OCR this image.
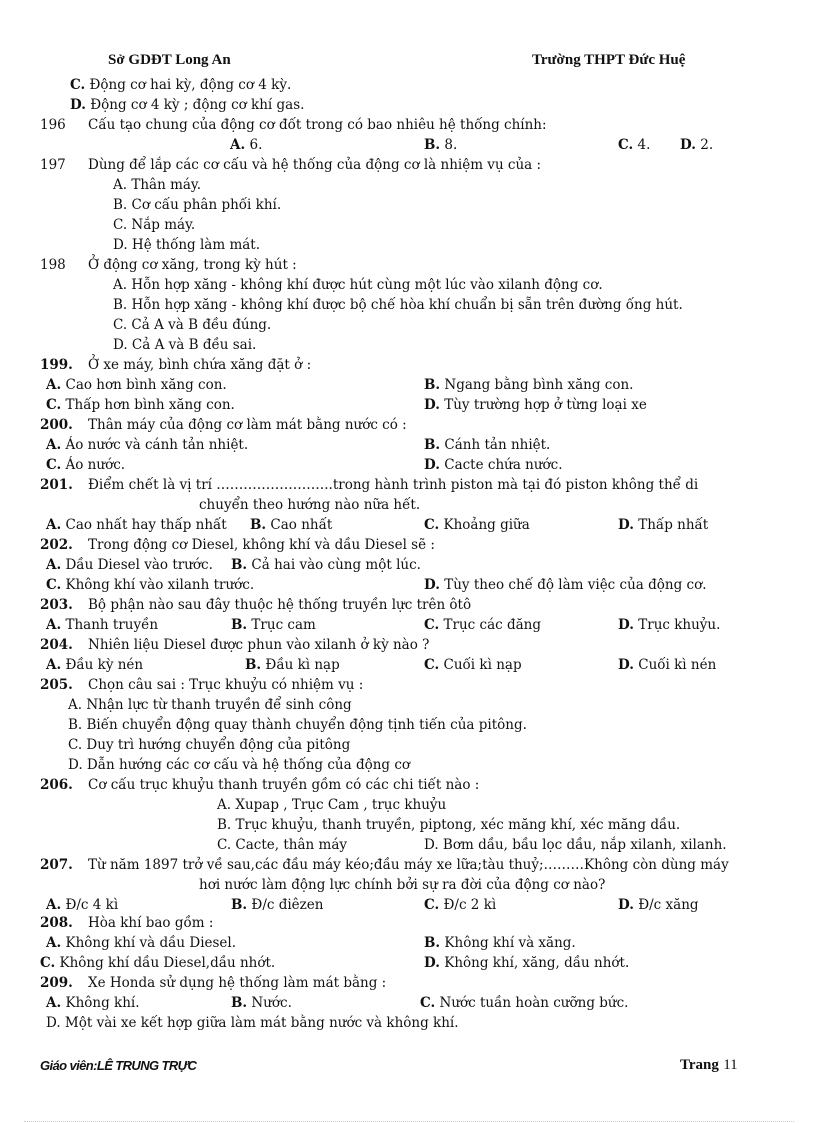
Sở GDĐT Long An	Trường THPT Đức Huệ
C. Động cơ hai kỳ, động cơ 4 kỳ.
D. Động cơ 4 kỳ ; động cơ khí gas.
196 Cấu tạo chung của động cơ đốt trong có bao nhiêu hệ thống chính:
A. 6.	B. 8.	C. 4. D. 2.
197 Dùng để lắp các cơ cấu và hệ thống của động cơ là nhiệm vụ của :
A. Thân máy.
B. Cơ cấu phân phối khí.
C. Nắp máy.
D. Hệ thống làm mát.
198 Ở động cơ xăng, trong kỳ hút :
A. Hỗn hợp xăng - không khí được hút cùng một lúc vào xilanh động cơ.
B. Hỗn hợp xăng - không khí được bộ chế hòa khí chuẩn bị sẵn trên đường ống hút.
C. Cả A và B đều đúng.
D. Cả A và B đều sai.
199. Ở xe máy, bình chứa xăng đặt ở :
A. Cao hơn bình xăng con.	B. Ngang bằng bình xăng con.
C. Thấp hơn bình xăng con.	D. Tùy trường hợp ở từng loại xe
200. Thân máy của động cơ làm mát bằng nước có :
A. Áo nước và cánh tản nhiệt.	B. Cánh tản nhiệt.
C. Áo nước.	D. Cacte chứa nước.
201. Điểm chết là vị trí ……………………..trong hành trình piston mà tại đó piston không thể di
chuyển theo hướng nào nữa hết.
A. Cao nhất hay thấp nhất B. Cao nhất	C. Khoảng giữa	D. Thấp nhất
202. Trong động cơ Diesel, không khí và dầu Diesel sẽ :
A. Dầu Diesel vào trước. B. Cả hai vào cùng một lúc.
C. Không khí vào xilanh trước.	D. Tùy theo chế độ làm việc của động cơ.
203. Bộ phận nào sau đây thuộc hệ thống truyền lực trên ôtô
A. Thanh truyền	B. Trục cam	C. Trục các đăng	D. Trục khuỷu.
204. Nhiên liệu Diesel được phun vào xilanh ở kỳ nào ?
A. Đầu kỳ nén	B. Đầu kì nạp	C. Cuối kì nạp	D. Cuối kì nén
205. Chọn câu sai : Trục khuỷu có nhiệm vụ :
A. Nhận lực từ thanh truyền để sinh công
B. Biến chuyển động quay thành chuyển động tịnh tiến của pitông.
C. Duy trì hướng chuyển động của pitông
D. Dẫn hướng các cơ cấu và hệ thống của động cơ
206. Cơ cấu trục khuỷu thanh truyền gồm có các chi tiết nào :
A. Xupap , Trục Cam , trục khuỷu
B. Trục khuỷu, thanh truyền, piptong, xéc măng khí, xéc măng dầu.
C. Cacte, thân máy	D. Bơm dầu, bầu lọc dầu, nắp xilanh, xilanh.
207. Từ năm 1897 trở về sau,các đầu máy kéo;đầu máy xe lữa;tàu thuỷ;………Không còn dùng máy
hơi nước làm động lực chính bởi sự ra đời của động cơ nào?
A. Đ/c 4 kì	B. Đ/c điêzen	C. Đ/c 2 kì	D. Đ/c xăng
208. Hòa khí bao gồm :
A. Không khí và dầu Diesel.	B. Không khí và xăng.
C. Không khí dầu Diesel,dầu nhớt.	D. Không khí, xăng, dầu nhớt.
209. Xe Honda sử dụng hệ thống làm mát bằng :
A. Không khí.	B. Nước.	C. Nước tuần hoàn cưỡng bức.
D. Một vài xe kết hợp giữa làm mát bằng nước và không khí.
Giáo viên:LÊ TRUNG TRỰC	Trang 11
